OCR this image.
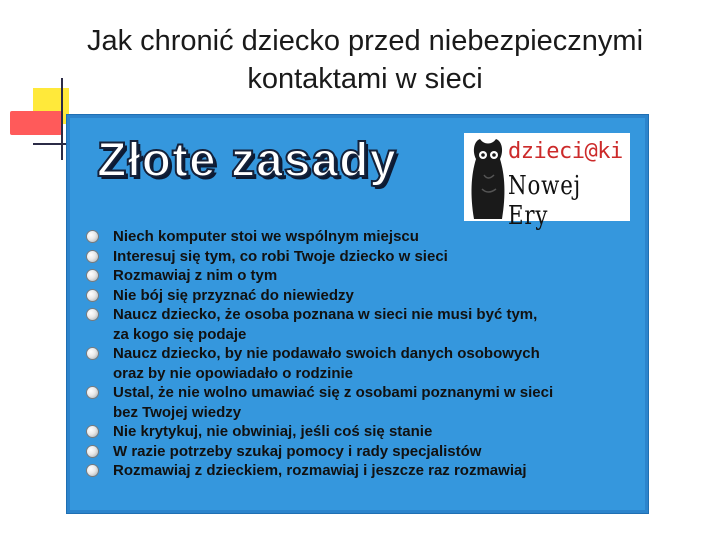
Jak chronić dziecko przed niebezpiecznymi
kontaktami w sieci
Złote zasady	dzieci@ki
Nowej Ery
Niech komputer stoi we wspólnym miejscu
Interesuj się tym, co robi Twoje dziecko w sieci
Rozmawiaj z nim o tym
Nie bój się przyznać do niewiedzy
Naucz dziecko, że osoba poznana w sieci nie musi być tym,
za kogo się podaje
Naucz dziecko, by nie podawało swoich danych osobowych
oraz by nie opowiadało o rodzinie
Ustal, że nie wolno umawiać się z osobami poznanymi w sieci
bez Twojej wiedzy
Nie krytykuj, nie obwiniaj, jeśli coś się stanie
W razie potrzeby szukaj pomocy i rady specjalistów
Rozmawiaj z dzieckiem, rozmawiaj i jeszcze raz rozmawiaj
